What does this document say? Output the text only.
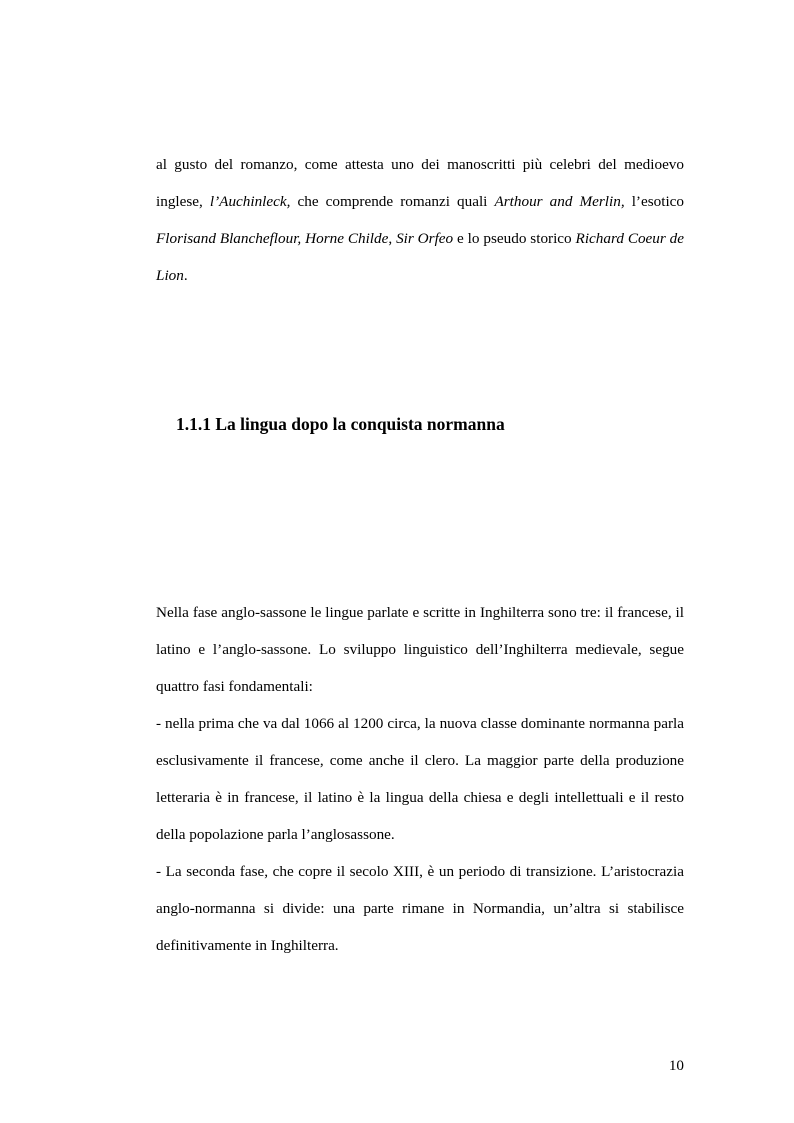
al gusto del romanzo, come attesta uno dei manoscritti più celebri del medioevo inglese, l’Auchinleck, che comprende romanzi quali Arthour and Merlin, l’esotico Florisand Blancheflour, Horne Childe, Sir Orfeo e lo pseudo storico Richard Coeur de Lion.

1.1.1 La lingua dopo la conquista normanna

Nella fase anglo-sassone le lingue parlate e scritte in Inghilterra sono tre: il francese, il latino e l’anglo-sassone. Lo sviluppo linguistico dell’Inghilterra medievale, segue quattro fasi fondamentali:

- nella prima che va dal 1066 al 1200 circa, la nuova classe dominante normanna parla esclusivamente il francese, come anche il clero. La maggior parte della produzione letteraria è in francese, il latino è la lingua della chiesa e degli intellettuali e il resto della popolazione parla l’anglosassone.

- La seconda fase, che copre il secolo XIII, è un periodo di transizione. L’aristocrazia anglo-normanna si divide: una parte rimane in Normandia, un’altra si stabilisce definitivamente in Inghilterra.

10
